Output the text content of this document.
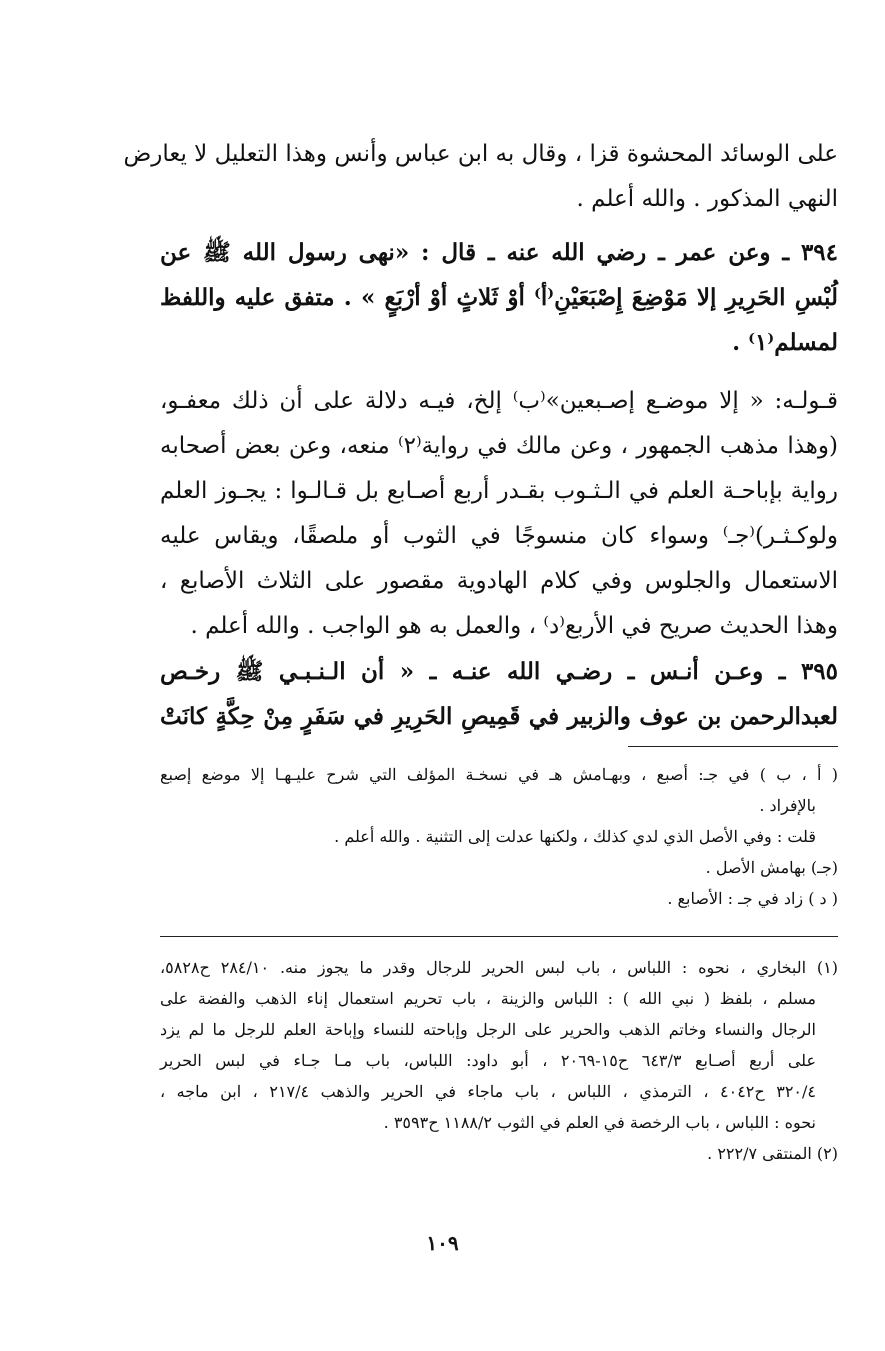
على الوسائد المحشوة قزا ، وقال به ابن عباس وأنس وهذا التعليل لا يعارض
النهي المذكور . والله أعلم .
٣٩٤ ـ وعن عمر ـ رضي الله عنه ـ قال : «نهى رسول الله ﷺ عن
لُبْسِ الحَرِيرِ إلا مَوْضِعَ إِصْبَعَيْنِ⁽أ⁾ أوْ ثَلاثٍ أوْ أرْبَعٍ » . متفق عليه واللفظ
لمسلم⁽١⁾ .
قـولـه: « إلا موضـع إصـبعين»⁽ب⁾ إلخ، فيـه دلالة على أن ذلك معفـو،
(وهذا مذهب الجمهور ، وعن مالك في رواية⁽٢⁾ منعه، وعن بعض أصحابه
رواية بإباحـة العلم في الـثـوب بقـدر أربع أصـابع بل قـالـوا : يجـوز العلم
ولوكـثـر)⁽جـ⁾ وسواء كان منسوجًا في الثوب أو ملصقًا، ويقاس عليه
الاستعمال والجلوس وفي كلام الهادوية مقصور على الثلاث الأصابع ،
وهذا الحديث صريح في الأربع⁽د⁾ ، والعمل به هو الواجب . والله أعلم .
٣٩٥ ـ وعـن أنـس ـ رضـي الله عنـه ـ « أن الـنـبـي ﷺ رخـص
لعبدالرحمن بن عوف والزبير في قَمِيصِ الحَرِيرِ في سَفَرٍ مِنْ حِكَّةٍ كانَتْ
( أ ، ب ) في جـ: أصبع ، وبهـامش هـ في نسخـة المؤلف التي شرح عليـهـا إلا موضع إصبع
بالإفراد .
قلت : وفي الأصل الذي لدي كذلك ، ولكنها عدلت إلى التثنية . والله أعلم .
(جـ) بهامش الأصل .
( د ) زاد في جـ : الأصابع .
(١) البخاري ، نحوه : اللباس ، باب لبس الحرير للرجال وقدر ما يجوز منه. ٢٨٤/١٠ ح٥٨٢٨،
مسلم ، بلفظ ( نبي الله ) : اللباس والزينة ، باب تحريم استعمال إناء الذهب والفضة على
الرجال والنساء وخاتم الذهب والحرير على الرجل وإباحته للنساء وإباحة العلم للرجل ما لم يزد
على أربع أصـابع ٦٤٣/٣ ح١٥-٢٠٦٩ ، أبو داود: اللباس، باب مـا جـاء في لبس الحرير
٣٢٠/٤ ح٤٠٤٢ ، الترمذي ، اللباس ، باب ماجاء في الحرير والذهب ٢١٧/٤ ، ابن ماجه ،
نحوه : اللباس ، باب الرخصة في العلم في الثوب ١١٨٨/٢ ح٣٥٩٣ .
(٢) المنتقى ٢٢٢/٧ .
١٠٩
